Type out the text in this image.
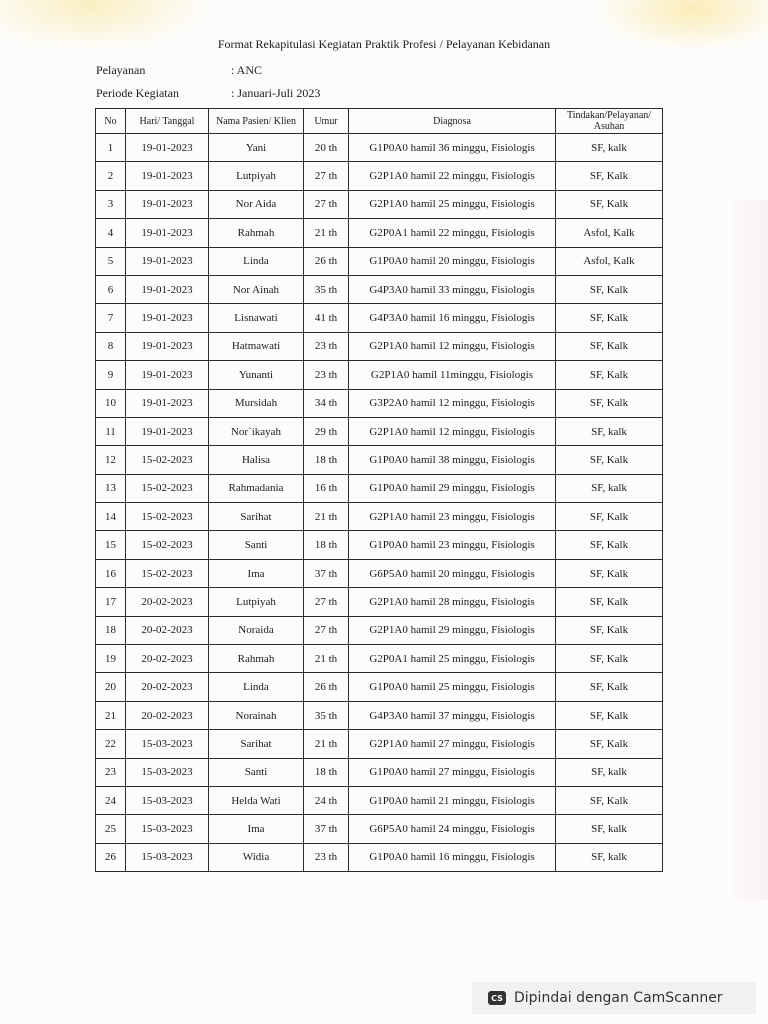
Format Rekapitulasi Kegiatan Praktik Profesi / Pelayanan Kebidanan
Pelayanan	: ANC
Periode Kegiatan	: Januari-Juli 2023
No	Hari/ Tanggal	Nama Pasien/ Klien	Umur	Diagnosa	Tindakan/Pelayanan/ Asuhan
1	19-01-2023	Yani	20 th	G1P0A0 hamil 36 minggu, Fisiologis	SF, kalk
2	19-01-2023	Lutpiyah	27 th	G2P1A0 hamil 22 minggu, Fisiologis	SF, Kalk
3	19-01-2023	Nor Aida	27 th	G2P1A0 hamil 25 minggu, Fisiologis	SF, Kalk
4	19-01-2023	Rahmah	21 th	G2P0A1 hamil 22 minggu, Fisiologis	Asfol, Kalk
5	19-01-2023	Linda	26 th	G1P0A0 hamil 20 minggu, Fisiologis	Asfol, Kalk
6	19-01-2023	Nor Ainah	35 th	G4P3A0 hamil 33 minggu, Fisiologis	SF, Kalk
7	19-01-2023	Lisnawati	41 th	G4P3A0 hamil 16 minggu, Fisiologis	SF, Kalk
8	19-01-2023	Hatmawati	23 th	G2P1A0 hamil 12 minggu, Fisiologis	SF, Kalk
9	19-01-2023	Yunanti	23 th	G2P1A0 hamil 11minggu, Fisiologis	SF, Kalk
10	19-01-2023	Mursidah	34 th	G3P2A0 hamil 12 minggu, Fisiologis	SF, Kalk
11	19-01-2023	Nor`ikayah	29 th	G2P1A0 hamil 12 minggu, Fisiologis	SF, kalk
12	15-02-2023	Halisa	18 th	G1P0A0 hamil 38 minggu, Fisiologis	SF, Kalk
13	15-02-2023	Rahmadania	16 th	G1P0A0 hamil 29 minggu, Fisiologis	SF, kalk
14	15-02-2023	Sarihat	21 th	G2P1A0 hamil 23 minggu, Fisiologis	SF, Kalk
15	15-02-2023	Santi	18 th	G1P0A0 hamil 23 minggu, Fisiologis	SF, Kalk
16	15-02-2023	Ima	37 th	G6P5A0 hamil 20 minggu, Fisiologis	SF, Kalk
17	20-02-2023	Lutpiyah	27 th	G2P1A0 hamil 28 minggu, Fisiologis	SF, Kalk
18	20-02-2023	Noraida	27 th	G2P1A0 hamil 29 minggu, Fisiologis	SF, Kalk
19	20-02-2023	Rahmah	21 th	G2P0A1 hamil 25 minggu, Fisiologis	SF, Kalk
20	20-02-2023	Linda	26 th	G1P0A0 hamil 25 minggu, Fisiologis	SF, Kalk
21	20-02-2023	Norainah	35 th	G4P3A0 hamil 37 minggu, Fisiologis	SF, Kalk
22	15-03-2023	Sarihat	21 th	G2P1A0 hamil 27 minggu, Fisiologis	SF, Kalk
23	15-03-2023	Santi	18 th	G1P0A0 hamil 27 minggu, Fisiologis	SF, kalk
24	15-03-2023	Helda Wati	24 th	G1P0A0 hamil 21 minggu, Fisiologis	SF, Kalk
25	15-03-2023	Ima	37 th	G6P5A0 hamil 24 minggu, Fisiologis	SF, kalk
26	15-03-2023	Widia	23 th	G1P0A0 hamil 16 minggu, Fisiologis	SF, kalk
CS Dipindai dengan CamScanner
